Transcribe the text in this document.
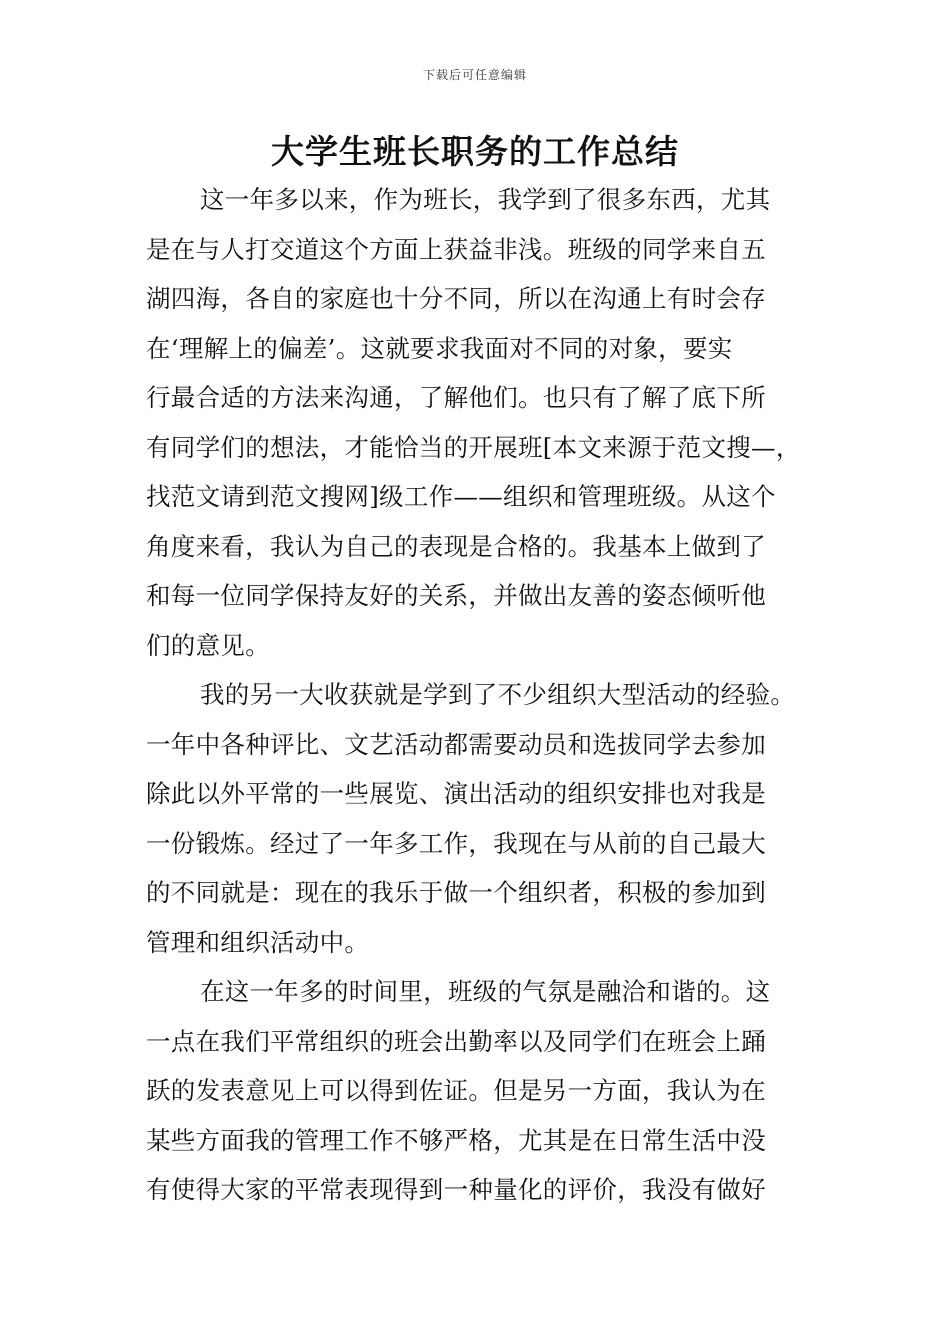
下载后可任意编辑
大学生班长职务的工作总结
这一年多以来，作为班长，我学到了很多东西，尤其
是在与人打交道这个方面上获益非浅。班级的同学来自五
湖四海，各自的家庭也十分不同，所以在沟通上有时会存
在‘理解上的偏差’。这就要求我面对不同的对象，要实
行最合适的方法来沟通，了解他们。也只有了解了底下所
有同学们的想法，才能恰当的开展班[本文来源于范文搜—，
找范文请到范文搜网]级工作——组织和管理班级。从这个
角度来看，我认为自己的表现是合格的。我基本上做到了
和每一位同学保持友好的关系，并做出友善的姿态倾听他
们的意见。
我的另一大收获就是学到了不少组织大型活动的经验。
一年中各种评比、文艺活动都需要动员和选拔同学去参加
除此以外平常的一些展览、演出活动的组织安排也对我是
一份锻炼。经过了一年多工作，我现在与从前的自己最大
的不同就是：现在的我乐于做一个组织者，积极的参加到
管理和组织活动中。
在这一年多的时间里，班级的气氛是融洽和谐的。这
一点在我们平常组织的班会出勤率以及同学们在班会上踊
跃的发表意见上可以得到佐证。但是另一方面，我认为在
某些方面我的管理工作不够严格，尤其是在日常生活中没
有使得大家的平常表现得到一种量化的评价，我没有做好
